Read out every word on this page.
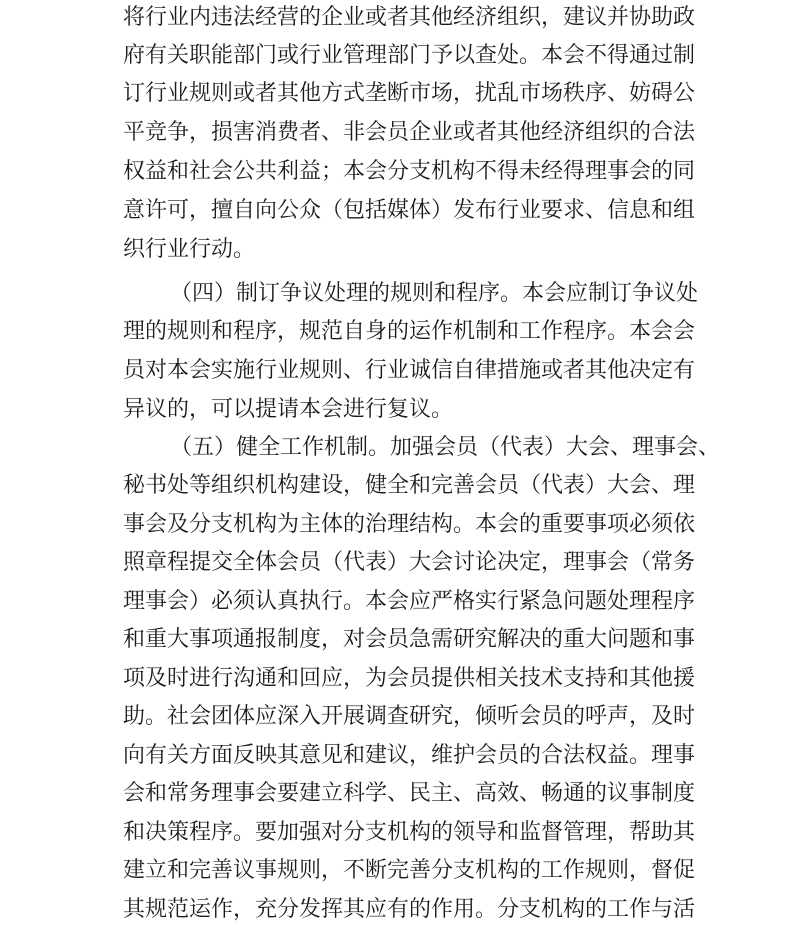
将行业内违法经营的企业或者其他经济组织，建议并协助政
府有关职能部门或行业管理部门予以查处。本会不得通过制
订行业规则或者其他方式垄断市场，扰乱市场秩序、妨碍公
平竞争，损害消费者、非会员企业或者其他经济组织的合法
权益和社会公共利益；本会分支机构不得未经得理事会的同
意许可，擅自向公众（包括媒体）发布行业要求、信息和组
织行业行动。
（四）制订争议处理的规则和程序。本会应制订争议处
理的规则和程序，规范自身的运作机制和工作程序。本会会
员对本会实施行业规则、行业诚信自律措施或者其他决定有
异议的，可以提请本会进行复议。
（五）健全工作机制。加强会员（代表）大会、理事会、
秘书处等组织机构建设，健全和完善会员（代表）大会、理
事会及分支机构为主体的治理结构。本会的重要事项必须依
照章程提交全体会员（代表）大会讨论决定，理事会（常务
理事会）必须认真执行。本会应严格实行紧急问题处理程序
和重大事项通报制度，对会员急需研究解决的重大问题和事
项及时进行沟通和回应，为会员提供相关技术支持和其他援
助。社会团体应深入开展调查研究，倾听会员的呼声，及时
向有关方面反映其意见和建议，维护会员的合法权益。理事
会和常务理事会要建立科学、民主、高效、畅通的议事制度
和决策程序。要加强对分支机构的领导和监督管理，帮助其
建立和完善议事规则，不断完善分支机构的工作规则，督促
其规范运作，充分发挥其应有的作用。分支机构的工作与活
